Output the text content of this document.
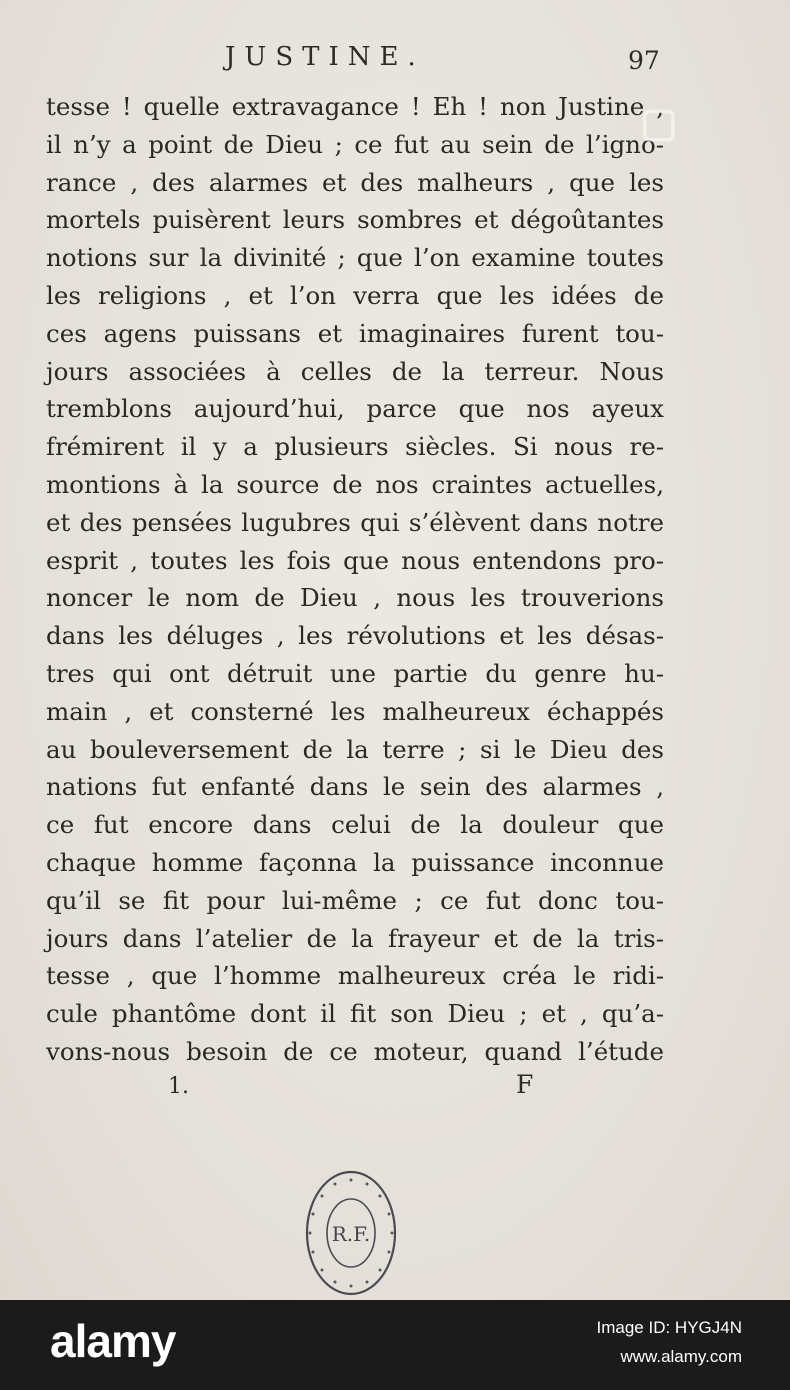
JUSTINE.	97
tesse ! quelle extravagance ! Eh ! non Justine ,
il n’y a point de Dieu ; ce fut au sein de l’igno-
rance , des alarmes et des malheurs , que les
mortels puisèrent leurs sombres et dégoûtantes
notions sur la divinité ; que l’on examine toutes
les religions , et l’on verra que les idées de
ces agens puissans et imaginaires furent tou-
jours associées à celles de la terreur. Nous
tremblons aujourd’hui, parce que nos ayeux
frémirent il y a plusieurs siècles. Si nous re-
montions à la source de nos craintes actuelles,
et des pensées lugubres qui s’élèvent dans notre
esprit , toutes les fois que nous entendons pro-
noncer le nom de Dieu , nous les trouverions
dans les déluges , les révolutions et les désas-
tres qui ont détruit une partie du genre hu-
main , et consterné les malheureux échappés
au bouleversement de la terre ; si le Dieu des
nations fut enfanté dans le sein des alarmes ,
ce fut encore dans celui de la douleur que
chaque homme façonna la puissance inconnue
qu’il se fit pour lui-même ; ce fut donc tou-
jours dans l’atelier de la frayeur et de la tris-
tesse , que l’homme malheureux créa le ridi-
cule phantôme dont il fit son Dieu ; et , qu’a-
vons-nous besoin de ce moteur, quand l’étude
1.	F
R.F.
▢
alamy	Image ID: HYGJ4N
www.alamy.com
